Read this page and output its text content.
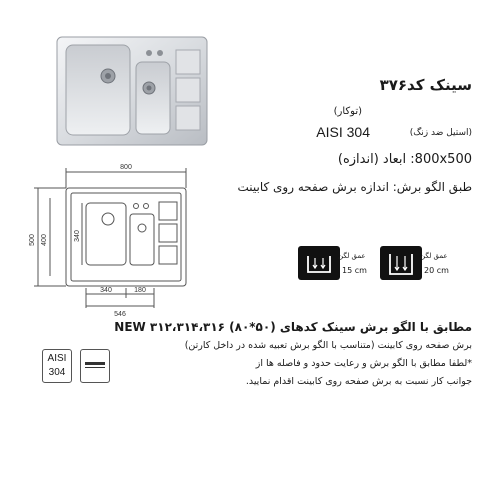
800
500 400	340
340	180
546
سینک کد۳۷۶
(توکار)
AISI 304	(استیل ضد زنگ)
800x500: ابعاد (اندازه)
طبق الگو برش: اندازه برش صفحه روی کابینت
عمق لگن
15 cm
عمق لگن
20 cm
مطابق با الگو برش سینک کدهای NEW ۳۱۲،۳۱۴،۳۱۶ (۸۰*۵۰)
برش صفحه روی کابینت (متناسب با الگو برش تعبیه شده در داخل کارتن)
*لطفا مطابق با الگو برش و رعایت حدود و فاصله ها از
جوانب کار نسبت به برش صفحه روی کابینت اقدام نمایید.
AISI
304
